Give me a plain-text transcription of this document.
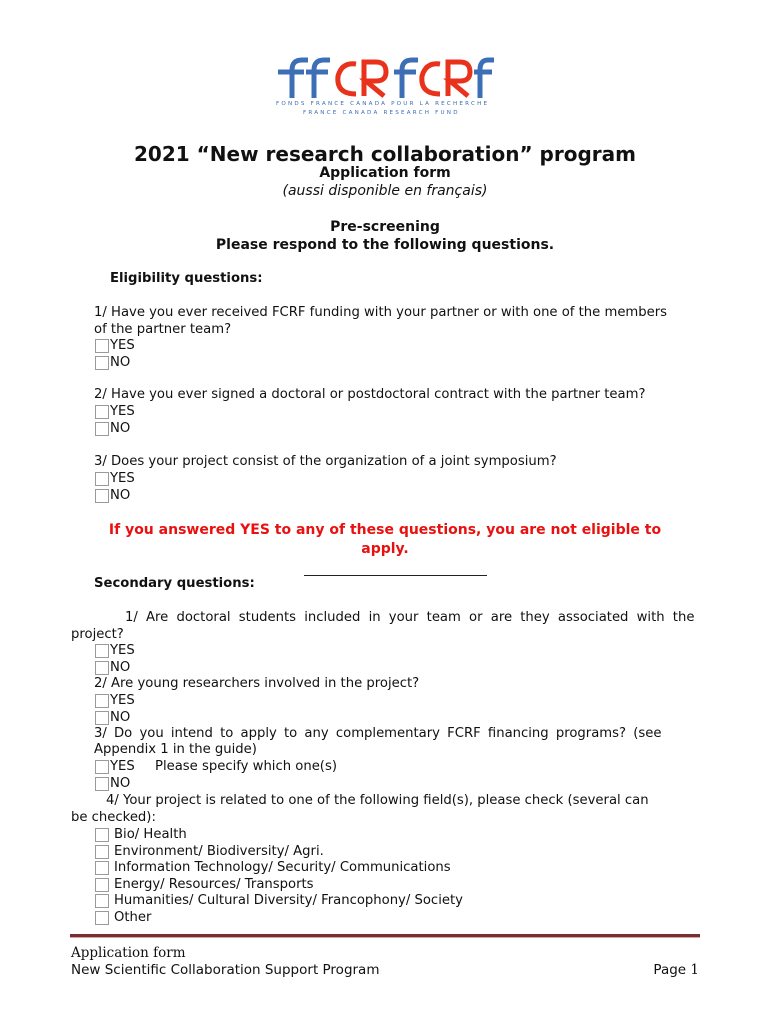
FONDS FRANCE CANADA POUR LA RECHERCHE
FRANCE CANADA RESEARCH FUND
2021 “New research collaboration” program
Application form
(aussi disponible en français)
Pre-screening
Please respond to the following questions.
Eligibility questions:
1/ Have you ever received FCRF funding with your partner or with one of the members
of the partner team?
YES
NO
2/ Have you ever signed a doctoral or postdoctoral contract with the partner team?
YES
NO
3/ Does your project consist of the organization of a joint symposium?
YES
NO
If you answered YES to any of these questions, you are not eligible to
apply.
Secondary questions:
1/ Are doctoral students included in your team or are they associated with the
project?
YES
NO
2/ Are young researchers involved in the project?
YES
NO
3/ Do you intend to apply to any complementary FCRF financing programs? (see
Appendix 1 in the guide)
YES Please specify which one(s)
NO
4/ Your project is related to one of the following field(s), please check (several can
be checked):
Bio/ Health
Environment/ Biodiversity/ Agri.
Information Technology/ Security/ Communications
Energy/ Resources/ Transports
Humanities/ Cultural Diversity/ Francophony/ Society
Other
Application form
New Scientific Collaboration Support Program	Page 1
